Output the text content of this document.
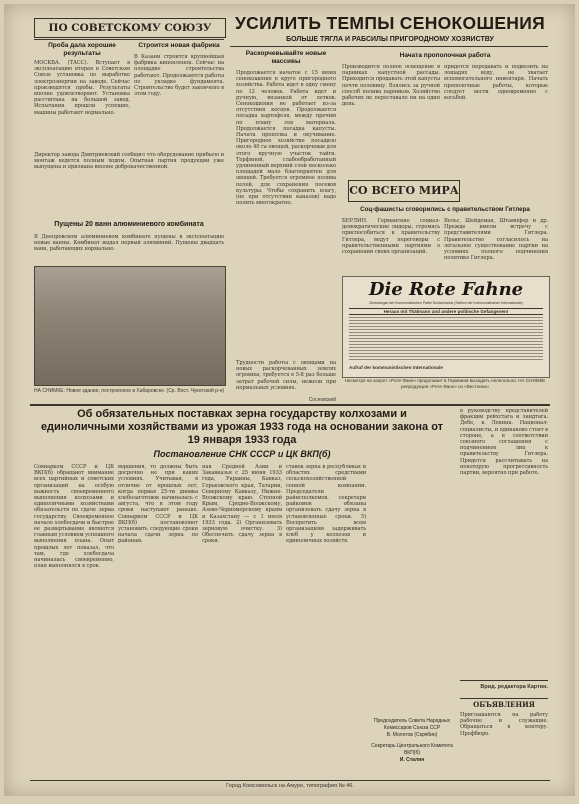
ПО СОВЕТСКОМУ СОЮЗУ
Проба дала хорошие результаты
Строится новая фабрика
МОСКВА. (ТАСС). Вступает в эксплоатацию вторая в Советском Союзе установка по выработке электроэнергии на заводе. Сейчас производятся пробы. Результаты вполне удовлетворяют. Установка рассчитана на большой завод. Испытания прошли успешно, машины работают нормально.
В Казани строится крупнейшая фабрика кинопленок. Сейчас на площадке строительства работают. Продолжаются работы по укладке фундамента. Строительство будет закончено в этом году.
Директор завода Дмитриевский сообщил что оборудование прибыло и монтаж ведется полным ходом. Опытная партия продукции уже выпущена и признана вполне доброкачественной.
Пущены 20 ванн алюминиевого комбината
В Днепровском алюминиевом комбинате пущены в эксплоатацию новые ванны. Комбинат выдал первый алюминий. Пущены двадцать ванн, работающих нормально.
НА СНИМКЕ: Новое здание, построенное в Хабаровске. (Ср. Вост. Чукотский р-н)
УСИЛИТЬ ТЕМПЫ СЕНОКОШЕНИЯ
БОЛЬШЕ ТЯГЛА И РАБСИЛЫ ПРИГОРОДНОМУ ХОЗЯЙСТВУ
Раскорчевывайте новые массивы
Продолжается начатое с 15 июня сенокошение в круге пригородного хозяйства. Работа идет в одну смену по 12 человек. Работа идет и ручную, вязанкой от лотков. Сенокошения не работает из-за отсутствия косцов. Продолжается посадка картофеля, между прочим по плану сев материала. Продолжается посадка капусты. Начата прополка и окучивание. Пригородное хозяйство посадило около 40 га овощей, раскорчевав для этого вручную участок тайги. Торфяной, слабообработанный удлиненный верхний слой несколько площадей мало благоприятен для овощей. Требуется огромное полива полей, для сохранения посевов культуры. Чтобы сохранить влагу, (не при отсутствии каналов) надо полить многократно.
Трудности работы с овощами на новых раскорчеванных землях огромны, требуется в 5-8 раз больше затрат рабочей силы, нежели при нормальных условиях.
Сосновский
Начата прополочная работа
Производится полное освещение в парниках капустной рассады. Приходится продавать этой капусты почти половину. Взялись за ручной способ полива парников. Хозяйство рабочих не переставало ни на один день.
придется передавать и подвозить на лошадях воду, не хватает вспомогательного инвентаря. Начать прополочные работы, которые следует вести одновременно с косьбой.
СО ВСЕГО МИРА
Соц-фашисты сговорились с правительством Гитлера
БЕРЛИН. Германские социал-демократические лидеры, стремясь приспособиться к правительству Гитлера, ведут переговоры с правительственными партиями о сохранении своих организаций.
Вельс, Шейдеман, Штампфер и др. Прежде имели встречу с представителями Гитлера. Правительство согласилось на легальное существование партии на условиях полного подчинения политике Гитлера.
Die Rote Fahne
Zentralorgan der Kommunistischen Partei Deutschlands (Sektion der Kommunistischen Internationale)
Heraus mit Thälmann und andere politische Gefangenen!
Aufruf der kommunistischen Internationale
Несмотря на запрет «Роте Фане» продолжает в Германии выходить нелегально. НА СНИМКЕ репродукция «Роте Фане» из «Вестника»
Об обязательных поставках зерна государству колхозами и единоличными хозяйствами из урожая 1933 года на основании закона от 19 января 1933 года
Постановление СНК СССР и ЦК ВКП(б)
Совнарком СССР и ЦК ВКП(б) обращают внимание всех партийных и советских организаций на особую важность своевременного выполнения колхозами и единоличными хозяйствами обязательств по сдаче зерна государству. Своевременное начало хлебосдачи и быстрое ее развертывание являются главным условием успешного выполнения плана. Опыт прошлых лет показал, что там, где хлебосдача начиналась своевременно, план выполнялся в срок.
вершения, то должны быть досрочно не при каких условиях. Учитывая, в отличие от прошлых лет, когда первая 25-ти дневка хлебозаготовок начиналась с августа, что в этом году сроки наступают раньше. Совнарком СССР и ЦК ВКП(б) постановляют установить следующие сроки начала сдачи зерна по районам.
ная Средней Азии и Закавказья с 25 июня 1933 года, Украины, Кавказ, Горьковского края, Татарии, Северному Кавказу, Нижне-Волжскому краю. Степной Крым, Средне-Волжскому, Азово-Черноморскому краям и Казахстану — с 1 июля 1933 года. 2) Организовать зерновую очистку. 3) Обеспечить сдачу зерна в сроки.
ставок зерна в республиках и областях средствами сельскохозяйственной сенной компании. Председатели райисполкомов, секретари райкомов обязаны организовать сдачу зерна в установленные сроки. 5) Воспретить всем организациям задерживать хлеб у колхозов и единоличных хозяйств.
Председатель Совета Народных Комиссаров Союза ССР
В. Молотов (Скрябин)
Секретарь Центрального Комитета ВКП(б)
И. Сталин
в руководству представителей фракции рейхстага и ландтага. Дебе, к Ленина. Национал-социалисты, и одинаково стоят в стороне, а в соответствии союзного соглашения с подчинением лиц к правительству Гитлера. Придется рассчитывать на некоторую прогрессивность партии, вероятно при работе.
Врид. редактора Картин.
ОБЪЯВЛЕНИЯ
Приглашаются на работу рабочие и служащие. Обращаться в контору. Профбюро.
Город Комсомольск на Амуре, типография № 46.
